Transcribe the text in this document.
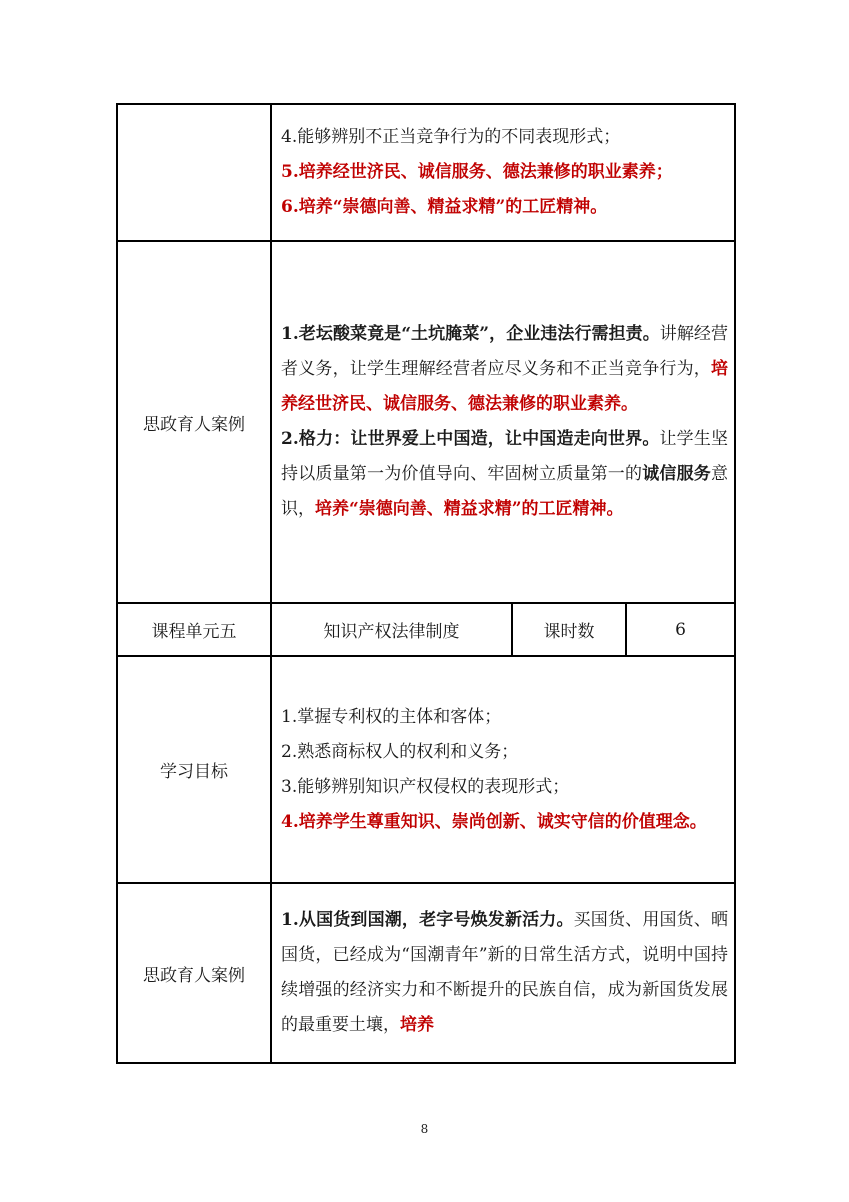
	4.能够辨别不正当竞争行为的不同表现形式；

5.培养经世济民、诚信服务、德法兼修的职业素养；

6.培养“崇德向善、精益求精”的工匠精神。		

思政育人案例	1.老坛酸菜竟是“土坑腌菜”，企业违法行需担责。讲解经营者义务，让学生理解经营者应尽义务和不正当竞争行为，培养经世济民、诚信服务、德法兼修的职业素养。

2.格力：让世界爱上中国造，让中国造走向世界。让学生坚持以质量第一为价值导向、牢固树立质量第一的诚信服务意识，培养“崇德向善、精益求精”的工匠精神。		

课程单元五	知识产权法律制度	课时数	6
学习目标	1.掌握专利权的主体和客体；

2.熟悉商标权人的权利和义务；

3.能够辨别知识产权侵权的表现形式；

4.培养学生尊重知识、崇尚创新、诚实守信的价值理念。		

思政育人案例	1.从国货到国潮，老字号焕发新活力。买国货、用国货、晒国货，已经成为“国潮青年”新的日常生活方式，说明中国持续增强的经济实力和不断提升的民族自信，成为新国货发展的最重要土壤，培养		

8
